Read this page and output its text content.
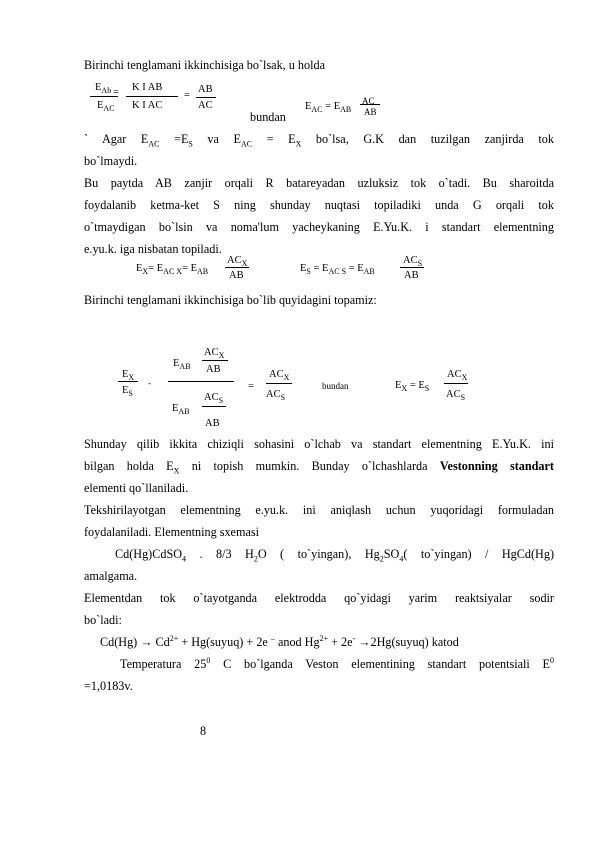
Birinchi tenglamani ikkinchisiga bo`lsak, u holda
$E_{Ab}$
$E_{AC}$
= K I AB
K I AC
=
AB
AC
bundan
$E_{AC} = E_{AB}$
AC
AB
` Agar $E_{AC} =E_S$ va $E_{AC} = E_X$ bo`lsa, G.K dan tuzilgan zanjirda tok
bo`lmaydi.
Bu paytda AB zanjir orqali R batareyadan uzluksiz tok o`tadi. Bu sharoitda
foydalanib ketma-ket S ning shunday nuqtasi topiladiki unda G orqali tok
o`tmaydigan bo`lsin va noma'lum yacheykaning E.Yu.K. i standart elementning
e.yu.k. iga nisbatan topiladi.
$E_X= E_{AC X}= E_{AB}$
$AC_X$
AB
$E_S = E_{AC S} = E_{AB}$
$AC_S$
AB
Birinchi tenglamani ikkinchisiga bo`lib quyidagini topamiz:
$E_X$
$E_S$
-
$E_{AB}$
$AC_X$
AB
$E_{AB}$
$AC_S$
AB
=
$AC_X$
$AC_S$
bundan	$E_X = E_S$
$AC_X$
$AC_S$
Shunday qilib ikkita chiziqli sohasini o`lchab va standart elementning E.Yu.K. ini
bilgan holda $E_X$ ni topish mumkin. Bunday o`lchashlarda Vestonning standart
elementi qo`llaniladi.
Tekshirilayotgan elementning e.yu.k. ini aniqlash uchun yuqoridagi formuladan
foydalaniladi. Elementning sxemasi
Cd(Hg)CdSO$_4$ . 8/3 $H_2O$ ( to`yingan), $Hg_2SO_4$( to`yingan) / HgCd(Hg)
amalgama.
Elementdan tok o`tayotganda elektrodda qo`yidagi yarim reaktsiyalar sodir
bo`ladi:
$Cd(Hg) \to Cd^{2+}$ + Hg(suyuq) + 2e – anod $Hg^{2+} + 2e^-$ →2Hg(suyuq) katod
Temperatura $25^0$ C bo`lganda Veston elementining standart potentsiali $E^0$
=1,0183v.
8
